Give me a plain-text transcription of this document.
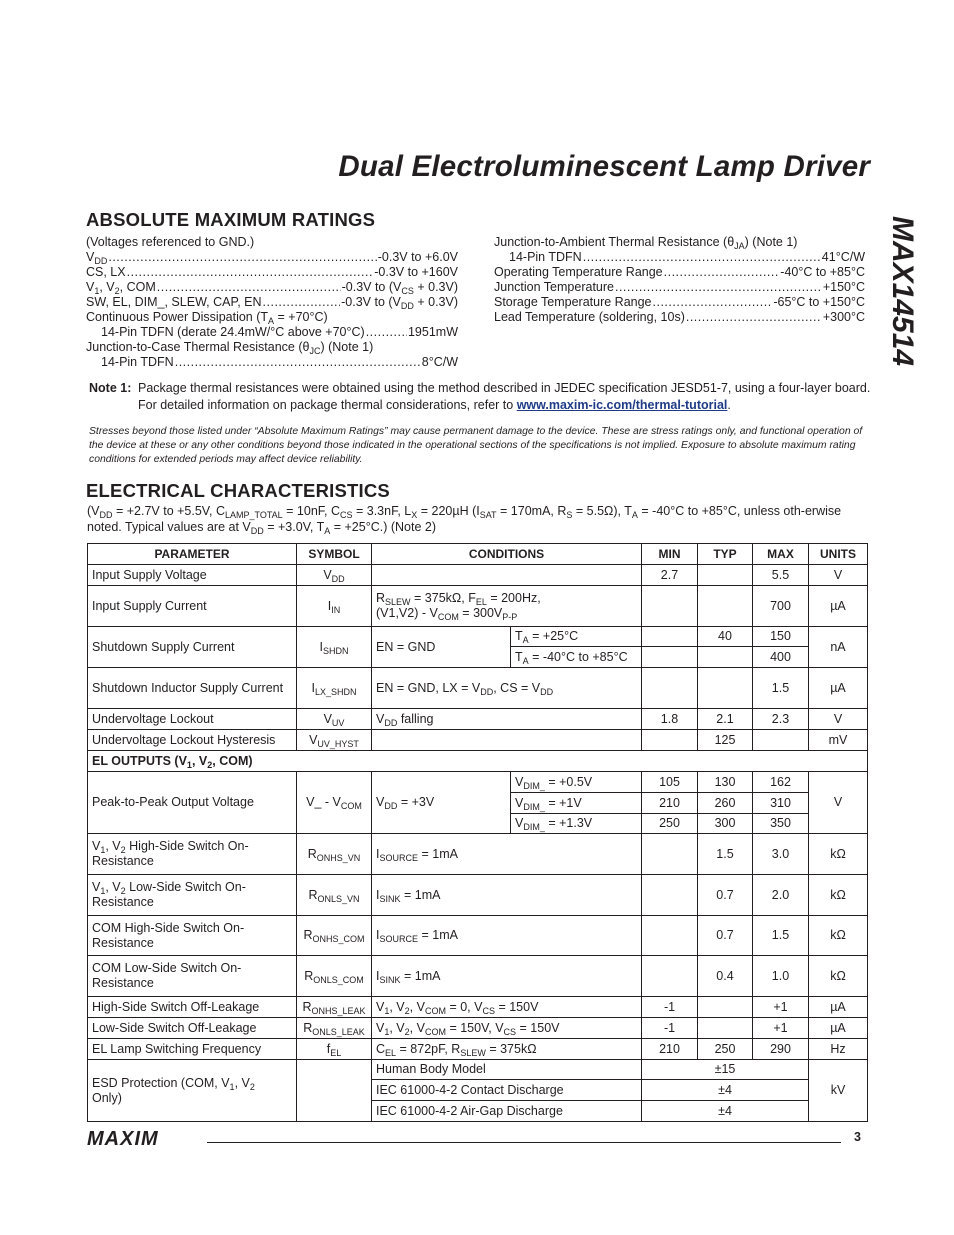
Dual Electroluminescent Lamp Driver
MAX14514
ABSOLUTE MAXIMUM RATINGS
(Voltages referenced to GND.)
$V_{DD}$ .....	-0.3V to +6.0V
CS, LX .....	-0.3V to +160V
$V_1$, $V_2$, COM .....	-0.3V to $(V_{CS} + 0.3V)$
SW, EL, DIM_, SLEW, CAP, EN .....	-0.3V to $(V_{DD} + 0.3V)$
Continuous Power Dissipation $(T_A = +70^\circ C)$
14-Pin TDFN (derate 24.4mW/°C above +70°C) .....	1951mW
Junction-to-Case Thermal Resistance $(\theta_{JC})$ (Note 1)
14-Pin TDFN .....	8°C/W
Junction-to-Ambient Thermal Resistance $(\theta_{JA})$ (Note 1)
14-Pin TDFN .....	41°C/W
Operating Temperature Range .....	-40°C to +85°C
Junction Temperature .....	+150°C
Storage Temperature Range .....	-65°C to +150°C
Lead Temperature (soldering, 10s) .....	+300°C
Note 1: Package thermal resistances were obtained using the method described in JEDEC specification JESD51-7, using a four-layer board. For detailed information on package thermal considerations, refer to www.maxim-ic.com/thermal-tutorial.
Stresses beyond those listed under “Absolute Maximum Ratings” may cause permanent damage to the device. These are stress ratings only, and functional operation of the device at these or any other conditions beyond those indicated in the operational sections of the specifications is not implied. Exposure to absolute maximum rating conditions for extended periods may affect device reliability.
ELECTRICAL CHARACTERISTICS
($V_{DD} = +2.7V$ to +5.5V, $C_{LAMP\_TOTAL} = 10nF$, $C_{CS} = 3.3nF$, $L_X = 220\mu H$ ($I_{SAT} = 170mA$, $R_S = 5.5\Omega$), $T_A = -40^\circ C$ to +85°C, unless oth-erwise noted. Typical values are at $V_{DD} = +3.0V$, $T_A = +25^\circ C$.) (Note 2)
PARAMETER	SYMBOL	CONDITIONS		MIN	TYP	MAX	UNITS
Input Supply Voltage	$V_{DD}$			2.7		5.5	V
Input Supply Current	$I_{IN}$	$R_{SLEW} = 375k\Omega$, $F_{EL} = 200Hz$,
$(V1,V2) - V_{COM} = 300V_{P-P}$				700	µA
Shutdown Supply Current	$I_{SHDN}$	EN = GND	$T_A = +25^\circ C$		40	150	nA
			$T_A = -40^\circ C$ to +85°C			400	
Shutdown Inductor Supply Current	$I_{LX\_SHDN}$	EN = GND, LX = $V_{DD}$, CS = $V_{DD}$				1.5	µA
Undervoltage Lockout	$V_{UV}$	$V_{DD}$ falling		1.8	2.1	2.3	V
Undervoltage Lockout Hysteresis	$V_{UV\_HYST}$				125		mV
EL OUTPUTS ($V_1$, $V_2$, COM)							
Peak-to-Peak Output Voltage	V_ - $V_{COM}$	$V_{DD} = +3V$	$V_{DIM\_} = +0.5V$	105	130	162	V
			$V_{DIM\_} = +1V$	210	260	310	
			$V_{DIM\_} = +1.3V$	250	300	350	
$V_1$, $V_2$ High-Side Switch On-Resistance	$R_{ONHS\_VN}$	$I_{SOURCE} = 1mA$			1.5	3.0	kΩ
$V_1$, $V_2$ Low-Side Switch On-Resistance	$R_{ONLS\_VN}$	$I_{SINK} = 1mA$			0.7	2.0	kΩ
COM High-Side Switch On-Resistance	$R_{ONHS\_COM}$	$I_{SOURCE} = 1mA$			0.7	1.5	kΩ
COM Low-Side Switch On-Resistance	$R_{ONLS\_COM}$	$I_{SINK} = 1mA$			0.4	1.0	kΩ
High-Side Switch Off-Leakage	$R_{ONHS\_LEAK}$	$V_1$, $V_2$, $V_{COM} = 0$, $V_{CS} = 150V$		-1		+1	µA
Low-Side Switch Off-Leakage	$R_{ONLS\_LEAK}$	$V_1$, $V_2$, $V_{COM} = 150V$, $V_{CS} = 150V$		-1		+1	µA
EL Lamp Switching Frequency	$f_{EL}$	$C_{EL} = 872pF$, $R_{SLEW} = 375k\Omega$		210	250	290	Hz
ESD Protection (COM, $V_1$, $V_2$
Only)		Human Body Model		±15			kV
		IEC 61000-4-2 Contact Discharge		±4			
		IEC 61000-4-2 Air-Gap Discharge		±4			
MAXIM	3
